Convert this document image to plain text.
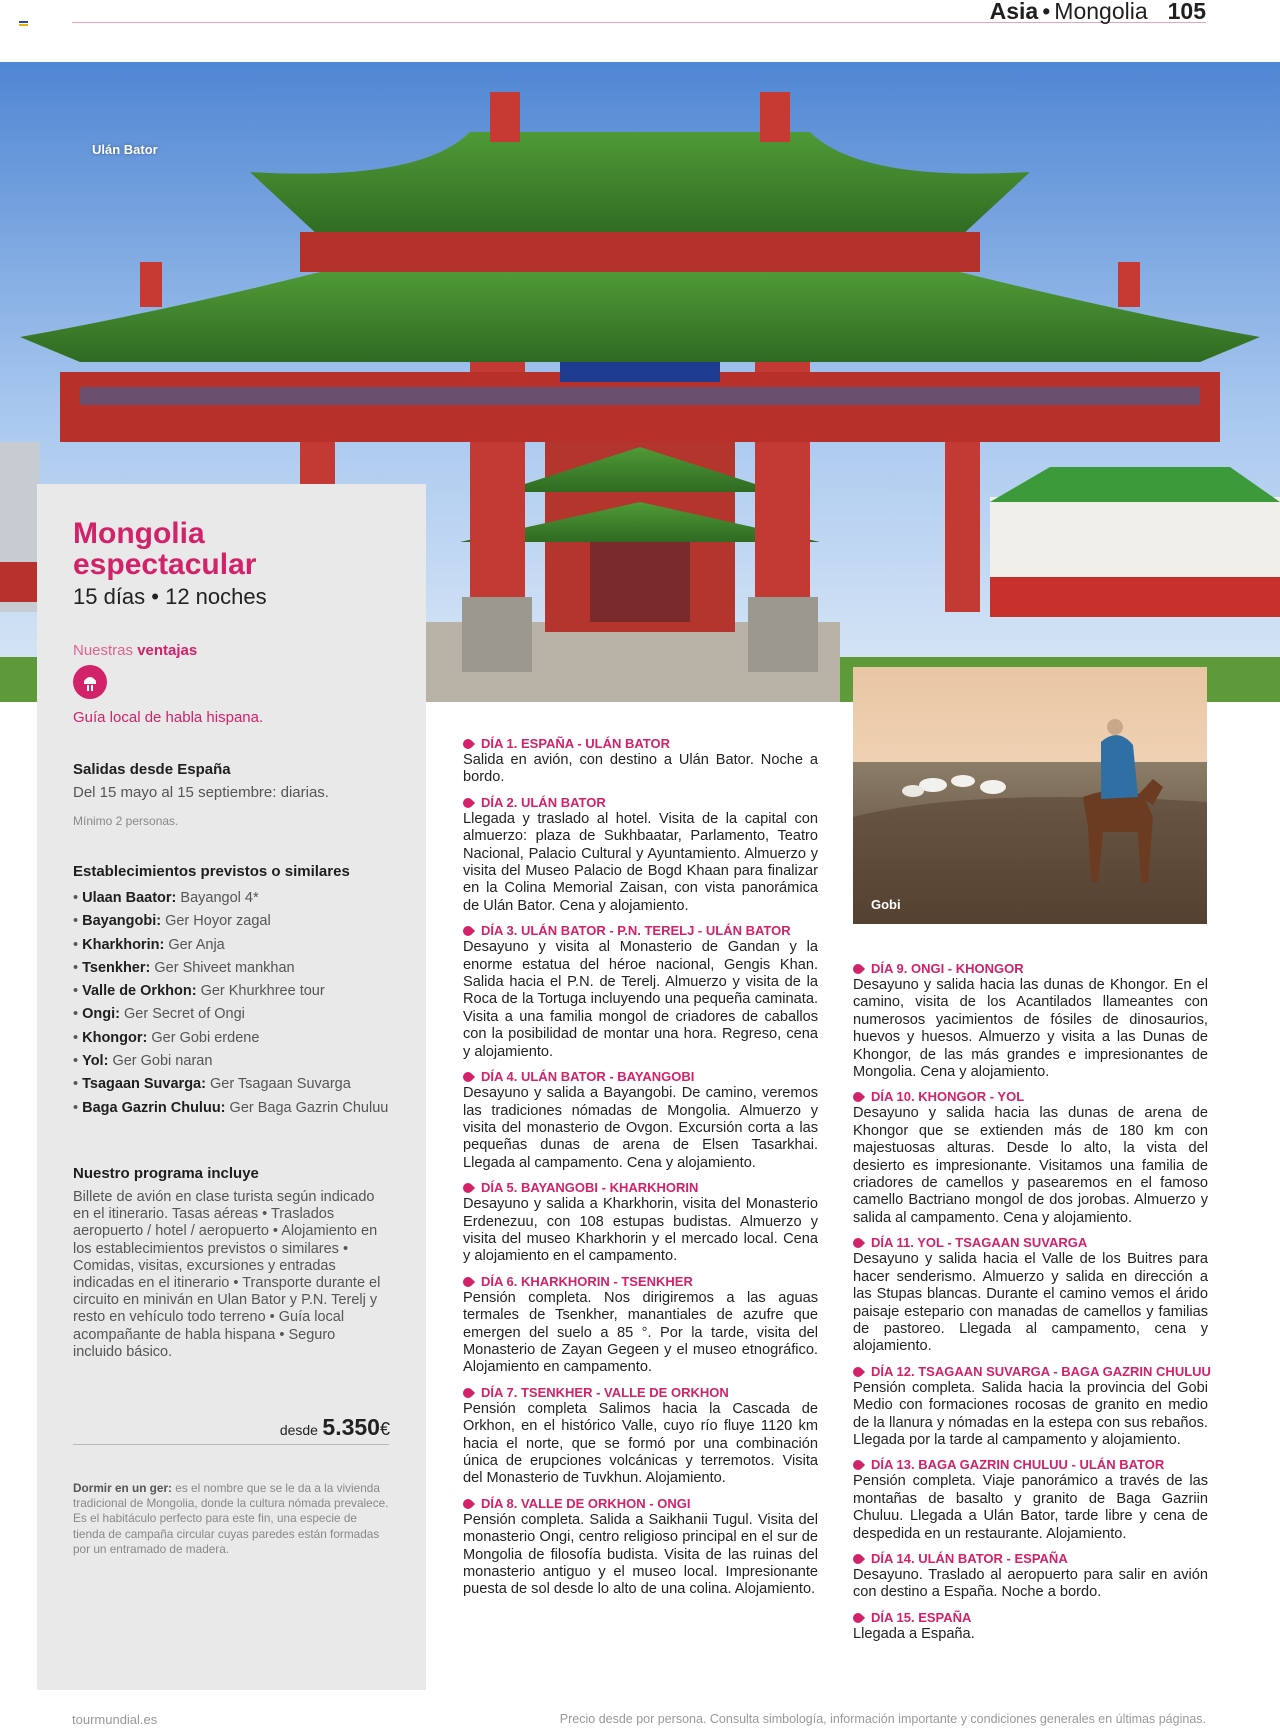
Asia • Mongolia 105
Ulán Bator
Mongolia espectacular
15 días • 12 noches
Nuestras ventajas
Guía local de habla hispana.
Salidas desde España
Del 15 mayo al 15 septiembre: diarias.
Mínimo 2 personas.
Establecimientos previstos o similares
• Ulaan Baator: Bayangol 4*
• Bayangobi: Ger Hoyor zagal
• Kharkhorin: Ger Anja
• Tsenkher: Ger Shiveet mankhan
• Valle de Orkhon: Ger Khurkhree tour
• Ongi: Ger Secret of Ongi
• Khongor: Ger Gobi erdene
• Yol: Ger Gobi naran
• Tsagaan Suvarga: Ger Tsagaan Suvarga
• Baga Gazrin Chuluu: Ger Baga Gazrin Chuluu
Nuestro programa incluye
Billete de avión en clase turista según indicado en el itinerario. Tasas aéreas • Traslados aeropuerto / hotel / aeropuerto • Alojamiento en los establecimientos previstos o similares • Comidas, visitas, excursiones y entradas indicadas en el itinerario • Transporte durante el circuito en miniván en Ulan Bator y P.N. Terelj y resto en vehículo todo terreno • Guía local acompañante de habla hispana • Seguro incluido básico.
desde 5.350€
Dormir en un ger: es el nombre que se le da a la vivienda tradicional de Mongolia, donde la cultura nómada prevalece. Es el habitáculo perfecto para este fin, una especie de tienda de campaña circular cuyas paredes están formadas por un entramado de madera.
Gobi
DÍA 1. ESPAÑA - ULÁN BATOR
Salida en avión, con destino a Ulán Bator. Noche a bordo.
DÍA 2. ULÁN BATOR
Llegada y traslado al hotel. Visita de la capital con almuerzo: plaza de Sukhbaatar, Parlamento, Teatro Nacional, Palacio Cultural y Ayuntamiento. Almuerzo y visita del Museo Palacio de Bogd Khaan para finalizar en la Colina Memorial Zaisan, con vista panorámica de Ulán Bator. Cena y alojamiento.
DÍA 3. ULÁN BATOR - P.N. TERELJ - ULÁN BATOR
Desayuno y visita al Monasterio de Gandan y la enorme estatua del héroe nacional, Gengis Khan. Salida hacia el P.N. de Terelj. Almuerzo y visita de la Roca de la Tortuga incluyendo una pequeña caminata. Visita a una familia mongol de criadores de caballos con la posibilidad de montar una hora. Regreso, cena y alojamiento.
DÍA 4. ULÁN BATOR - BAYANGOBI
Desayuno y salida a Bayangobi. De camino, veremos las tradiciones nómadas de Mongolia. Almuerzo y visita del monasterio de Ovgon. Excursión corta a las pequeñas dunas de arena de Elsen Tasarkhai. Llegada al campamento. Cena y alojamiento.
DÍA 5. BAYANGOBI - KHARKHORIN
Desayuno y salida a Kharkhorin, visita del Monasterio Erdenezuu, con 108 estupas budistas. Almuerzo y visita del museo Kharkhorin y el mercado local. Cena y alojamiento en el campamento.
DÍA 6. KHARKHORIN - TSENKHER
Pensión completa. Nos dirigiremos a las aguas termales de Tsenkher, manantiales de azufre que emergen del suelo a 85 °. Por la tarde, visita del Monasterio de Zayan Gegeen y el museo etnográfico. Alojamiento en campamento.
DÍA 7. TSENKHER - VALLE DE ORKHON
Pensión completa Salimos hacia la Cascada de Orkhon, en el histórico Valle, cuyo río fluye 1120 km hacia el norte, que se formó por una combinación única de erupciones volcánicas y terremotos. Visita del Monasterio de Tuvkhun. Alojamiento.
DÍA 8. VALLE DE ORKHON - ONGI
Pensión completa. Salida a Saikhanii Tugul. Visita del monasterio Ongi, centro religioso principal en el sur de Mongolia de filosofía budista. Visita de las ruinas del monasterio antiguo y el museo local. Impresionante puesta de sol desde lo alto de una colina. Alojamiento.
DÍA 9. ONGI - KHONGOR
Desayuno y salida hacia las dunas de Khongor. En el camino, visita de los Acantilados llameantes con numerosos yacimientos de fósiles de dinosaurios, huevos y huesos. Almuerzo y visita a las Dunas de Khongor, de las más grandes e impresionantes de Mongolia. Cena y alojamiento.
DÍA 10. KHONGOR - YOL
Desayuno y salida hacia las dunas de arena de Khongor que se extienden más de 180 km con majestuosas alturas. Desde lo alto, la vista del desierto es impresionante. Visitamos una familia de criadores de camellos y pasearemos en el famoso camello Bactriano mongol de dos jorobas. Almuerzo y salida al campamento. Cena y alojamiento.
DÍA 11. YOL - TSAGAAN SUVARGA
Desayuno y salida hacia el Valle de los Buitres para hacer senderismo. Almuerzo y salida en dirección a las Stupas blancas. Durante el camino vemos el árido paisaje estepario con manadas de camellos y familias de pastoreo. Llegada al campamento, cena y alojamiento.
DÍA 12. TSAGAAN SUVARGA - BAGA GAZRIN CHULUU
Pensión completa. Salida hacia la provincia del Gobi Medio con formaciones rocosas de granito en medio de la llanura y nómadas en la estepa con sus rebaños. Llegada por la tarde al campamento y alojamiento.
DÍA 13. BAGA GAZRIN CHULUU - ULÁN BATOR
Pensión completa. Viaje panorámico a través de las montañas de basalto y granito de Baga Gazriin Chuluu. Llegada a Ulán Bator, tarde libre y cena de despedida en un restaurante. Alojamiento.
DÍA 14. ULÁN BATOR - ESPAÑA
Desayuno. Traslado al aeropuerto para salir en avión con destino a España. Noche a bordo.
DÍA 15. ESPAÑA
Llegada a España.
tourmundial.es	Precio desde por persona. Consulta simbología, información importante y condiciones generales en últimas páginas.
